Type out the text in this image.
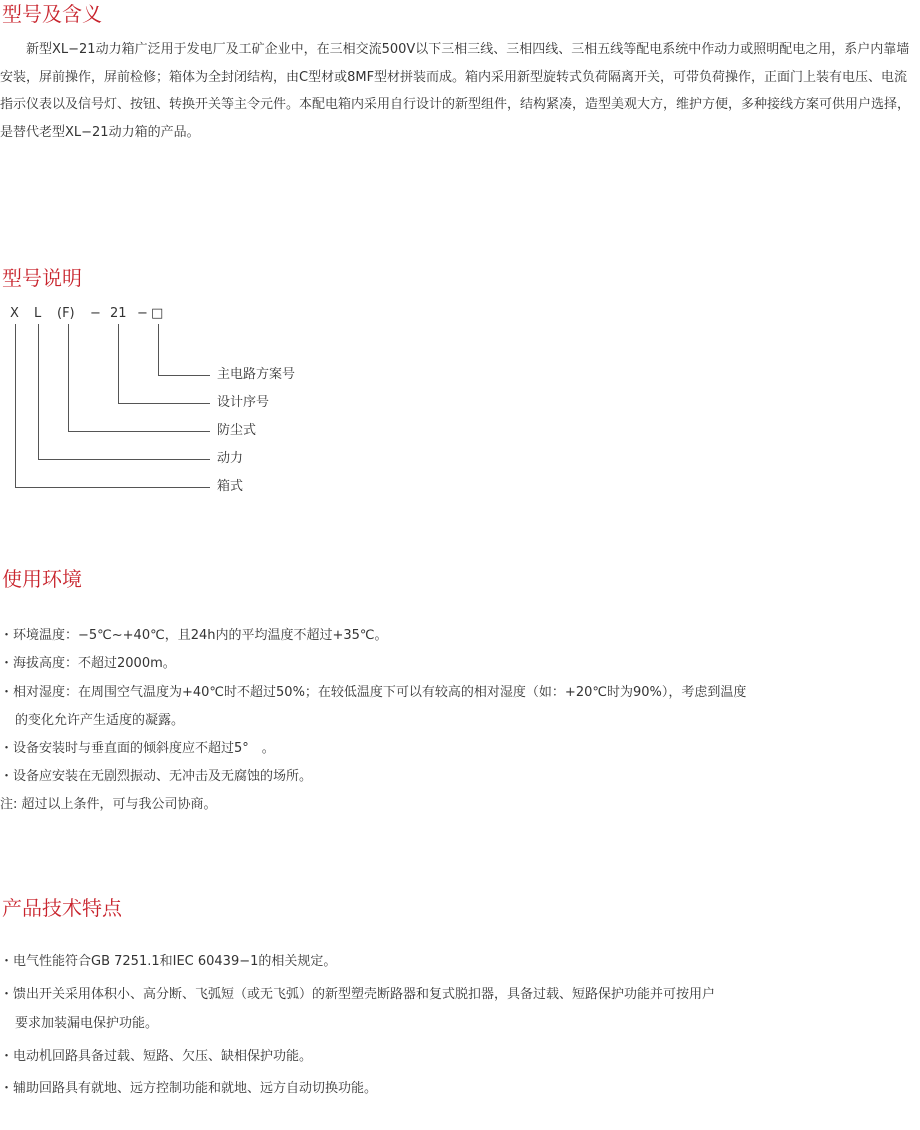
型号及含义

新型XL−21动力箱广泛用于发电厂及工矿企业中，在三相交流500V以下三相三线、三相四线、三相五线等配电系统中作动力或照明配电之用，系户内靠墙安装，屏前操作，屏前检修；箱体为全封闭结构，由C型材或8MF型材拼装而成。箱内采用新型旋转式负荷隔离开关，可带负荷操作，正面门上装有电压、电流指示仪表以及信号灯、按钮、转换开关等主令元件。本配电箱内采用自行设计的新型组件，结构紧凑，造型美观大方，维护方便，多种接线方案可供用户选择，是替代老型XL−21动力箱的产品。

型号说明
X L (F) − 21 − □
主电路方案号
设计序号
防尘式
动力
箱式
使用环境
・环境温度：−5℃~+40℃，且24h内的平均温度不超过+35℃。
・海拔高度：不超过2000m。
・相对湿度：在周围空气温度为+40℃时不超过50%；在较低温度下可以有较高的相对湿度（如：+20℃时为90%），考虑到温度
的变化允许产生适度的凝露。
・设备安装时与垂直面的倾斜度应不超过5°　。
・设备应安装在无剧烈振动、无冲击及无腐蚀的场所。
注: 超过以上条件，可与我公司协商。
产品技术特点
・电气性能符合GB 7251.1和IEC 60439−1的相关规定。
・馈出开关采用体积小、高分断、飞弧短（或无飞弧）的新型塑壳断路器和复式脱扣器，具备过载、短路保护功能并可按用户
要求加装漏电保护功能。
・电动机回路具备过载、短路、欠压、缺相保护功能。
・辅助回路具有就地、远方控制功能和就地、远方自动切换功能。
